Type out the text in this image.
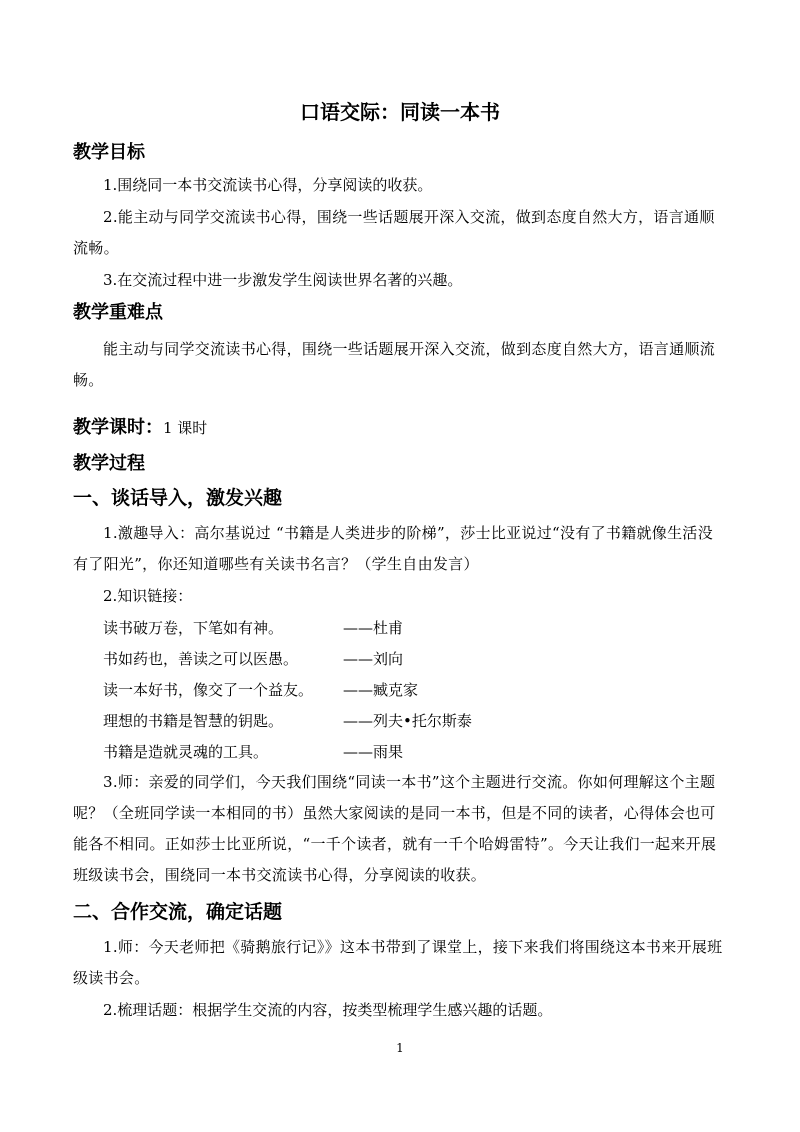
口语交际：同读一本书
教学目标
1.围绕同一本书交流读书心得，分享阅读的收获。
2.能主动与同学交流读书心得，围绕一些话题展开深入交流，做到态度自然大方，语言通顺流畅。
3.在交流过程中进一步激发学生阅读世界名著的兴趣。
教学重难点
能主动与同学交流读书心得，围绕一些话题展开深入交流，做到态度自然大方，语言通顺流畅。
教学课时：1 课时
教学过程
一、谈话导入，激发兴趣
1.激趣导入：高尔基说过 “书籍是人类进步的阶梯”，莎士比亚说过“没有了书籍就像生活没有了阳光”，你还知道哪些有关读书名言？（学生自由发言）
2.知识链接：
读书破万卷，下笔如有神。	——杜甫
书如药也，善读之可以医愚。	——刘向
读一本好书，像交了一个益友。 ——臧克家
理想的书籍是智慧的钥匙。	——列夫•托尔斯泰
书籍是造就灵魂的工具。	——雨果
3.师：亲爱的同学们，今天我们围绕“同读一本书”这个主题进行交流。你如何理解这个主题呢？（全班同学读一本相同的书）虽然大家阅读的是同一本书，但是不同的读者，心得体会也可能各不相同。正如莎士比亚所说，“一千个读者，就有一千个哈姆雷特”。今天让我们一起来开展班级读书会，围绕同一本书交流读书心得，分享阅读的收获。
二、合作交流，确定话题
1.师：今天老师把《骑鹅旅行记》》这本书带到了课堂上，接下来我们将围绕这本书来开展班级读书会。
2.梳理话题：根据学生交流的内容，按类型梳理学生感兴趣的话题。
1
